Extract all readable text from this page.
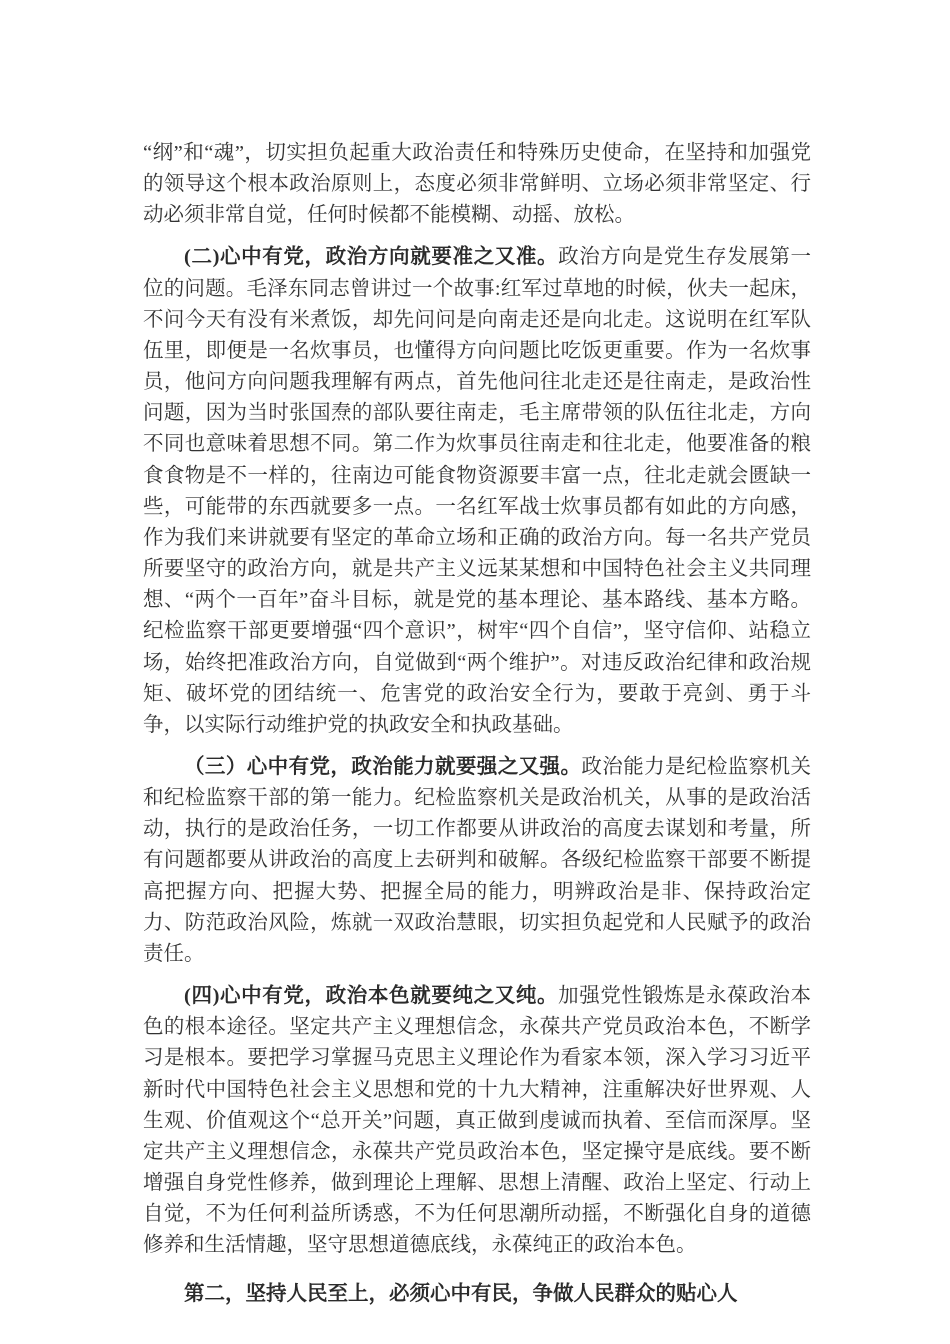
“纲”和“魂”，切实担负起重大政治责任和特殊历史使命，在坚持和加强党的领导这个根本政治原则上，态度必须非常鲜明、立场必须非常坚定、行动必须非常自觉，任何时候都不能模糊、动摇、放松。

(二)心中有党，政治方向就要准之又准。政治方向是党生存发展第一位的问题。毛泽东同志曾讲过一个故事:红军过草地的时候，伙夫一起床，不问今天有没有米煮饭，却先问问是向南走还是向北走。这说明在红军队伍里，即便是一名炊事员，也懂得方向问题比吃饭更重要。作为一名炊事员，他问方向问题我理解有两点，首先他问往北走还是往南走，是政治性问题，因为当时张国焘的部队要往南走，毛主席带领的队伍往北走，方向不同也意味着思想不同。第二作为炊事员往南走和往北走，他要准备的粮食食物是不一样的，往南边可能食物资源要丰富一点，往北走就会匮缺一些，可能带的东西就要多一点。一名红军战士炊事员都有如此的方向感，作为我们来讲就要有坚定的革命立场和正确的政治方向。每一名共产党员所要坚守的政治方向，就是共产主义远某某想和中国特色社会主义共同理想、“两个一百年”奋斗目标，就是党的基本理论、基本路线、基本方略。纪检监察干部更要增强“四个意识”，树牢“四个自信”，坚守信仰、站稳立场，始终把准政治方向，自觉做到“两个维护”。对违反政治纪律和政治规矩、破坏党的团结统一、危害党的政治安全行为，要敢于亮剑、勇于斗争，以实际行动维护党的执政安全和执政基础。

（三）心中有党，政治能力就要强之又强。政治能力是纪检监察机关和纪检监察干部的第一能力。纪检监察机关是政治机关，从事的是政治活动，执行的是政治任务，一切工作都要从讲政治的高度去谋划和考量，所有问题都要从讲政治的高度上去研判和破解。各级纪检监察干部要不断提高把握方向、把握大势、把握全局的能力，明辨政治是非、保持政治定力、防范政治风险，炼就一双政治慧眼，切实担负起党和人民赋予的政治责任。

(四)心中有党，政治本色就要纯之又纯。加强党性锻炼是永葆政治本色的根本途径。坚定共产主义理想信念，永葆共产党员政治本色，不断学习是根本。要把学习掌握马克思主义理论作为看家本领，深入学习习近平新时代中国特色社会主义思想和党的十九大精神，注重解决好世界观、人生观、价值观这个“总开关”问题，真正做到虔诚而执着、至信而深厚。坚定共产主义理想信念，永葆共产党员政治本色，坚定操守是底线。要不断增强自身党性修养，做到理论上理解、思想上清醒、政治上坚定、行动上自觉，不为任何利益所诱惑，不为任何思潮所动摇，不断强化自身的道德修养和生活情趣，坚守思想道德底线，永葆纯正的政治本色。

第二，坚持人民至上，必须心中有民，争做人民群众的贴心人
